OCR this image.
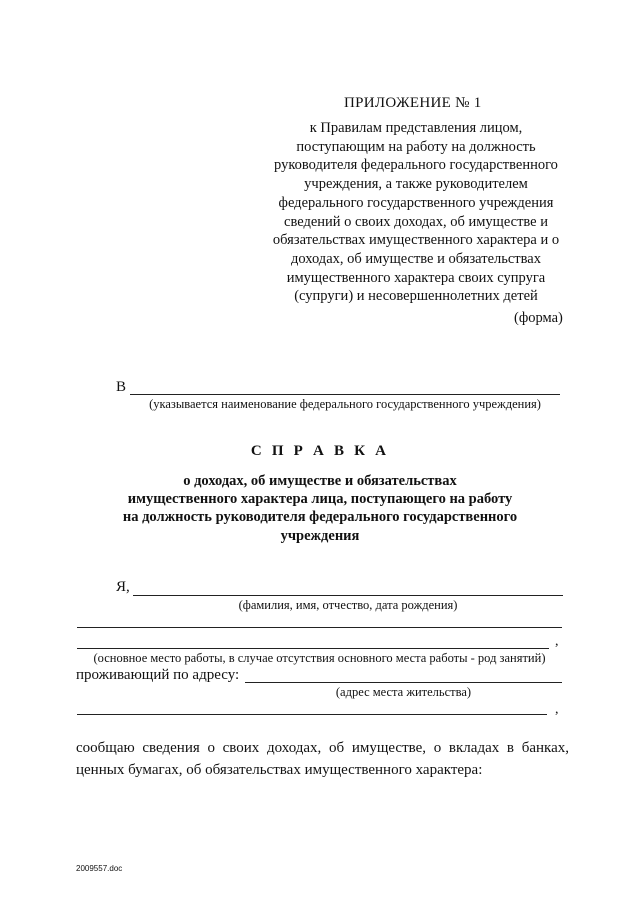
ПРИЛОЖЕНИЕ № 1
к Правилам представления лицом,
поступающим на работу на должность
руководителя федерального государственного
учреждения, а также руководителем
федерального государственного учреждения
сведений о своих доходах, об имуществе и
обязательствах имущественного характера и о
доходах, об имуществе и обязательствах
имущественного характера своих супруга
(супруги) и несовершеннолетних детей
(форма)
В
(указывается наименование федерального государственного учреждения)
С П Р А В К А
о доходах, об имуществе и обязательствах
имущественного характера лица, поступающего на работу
на должность руководителя федерального государственного
учреждения
Я,
(фамилия, имя, отчество, дата рождения)
,
(основное место работы, в случае отсутствия основного места работы - род занятий)
проживающий по адресу:
(адрес места жительства)
,
сообщаю сведения о своих доходах, об имуществе, о вкладах в банках,
ценных бумагах, об обязательствах имущественного характера:
2009557.doc
